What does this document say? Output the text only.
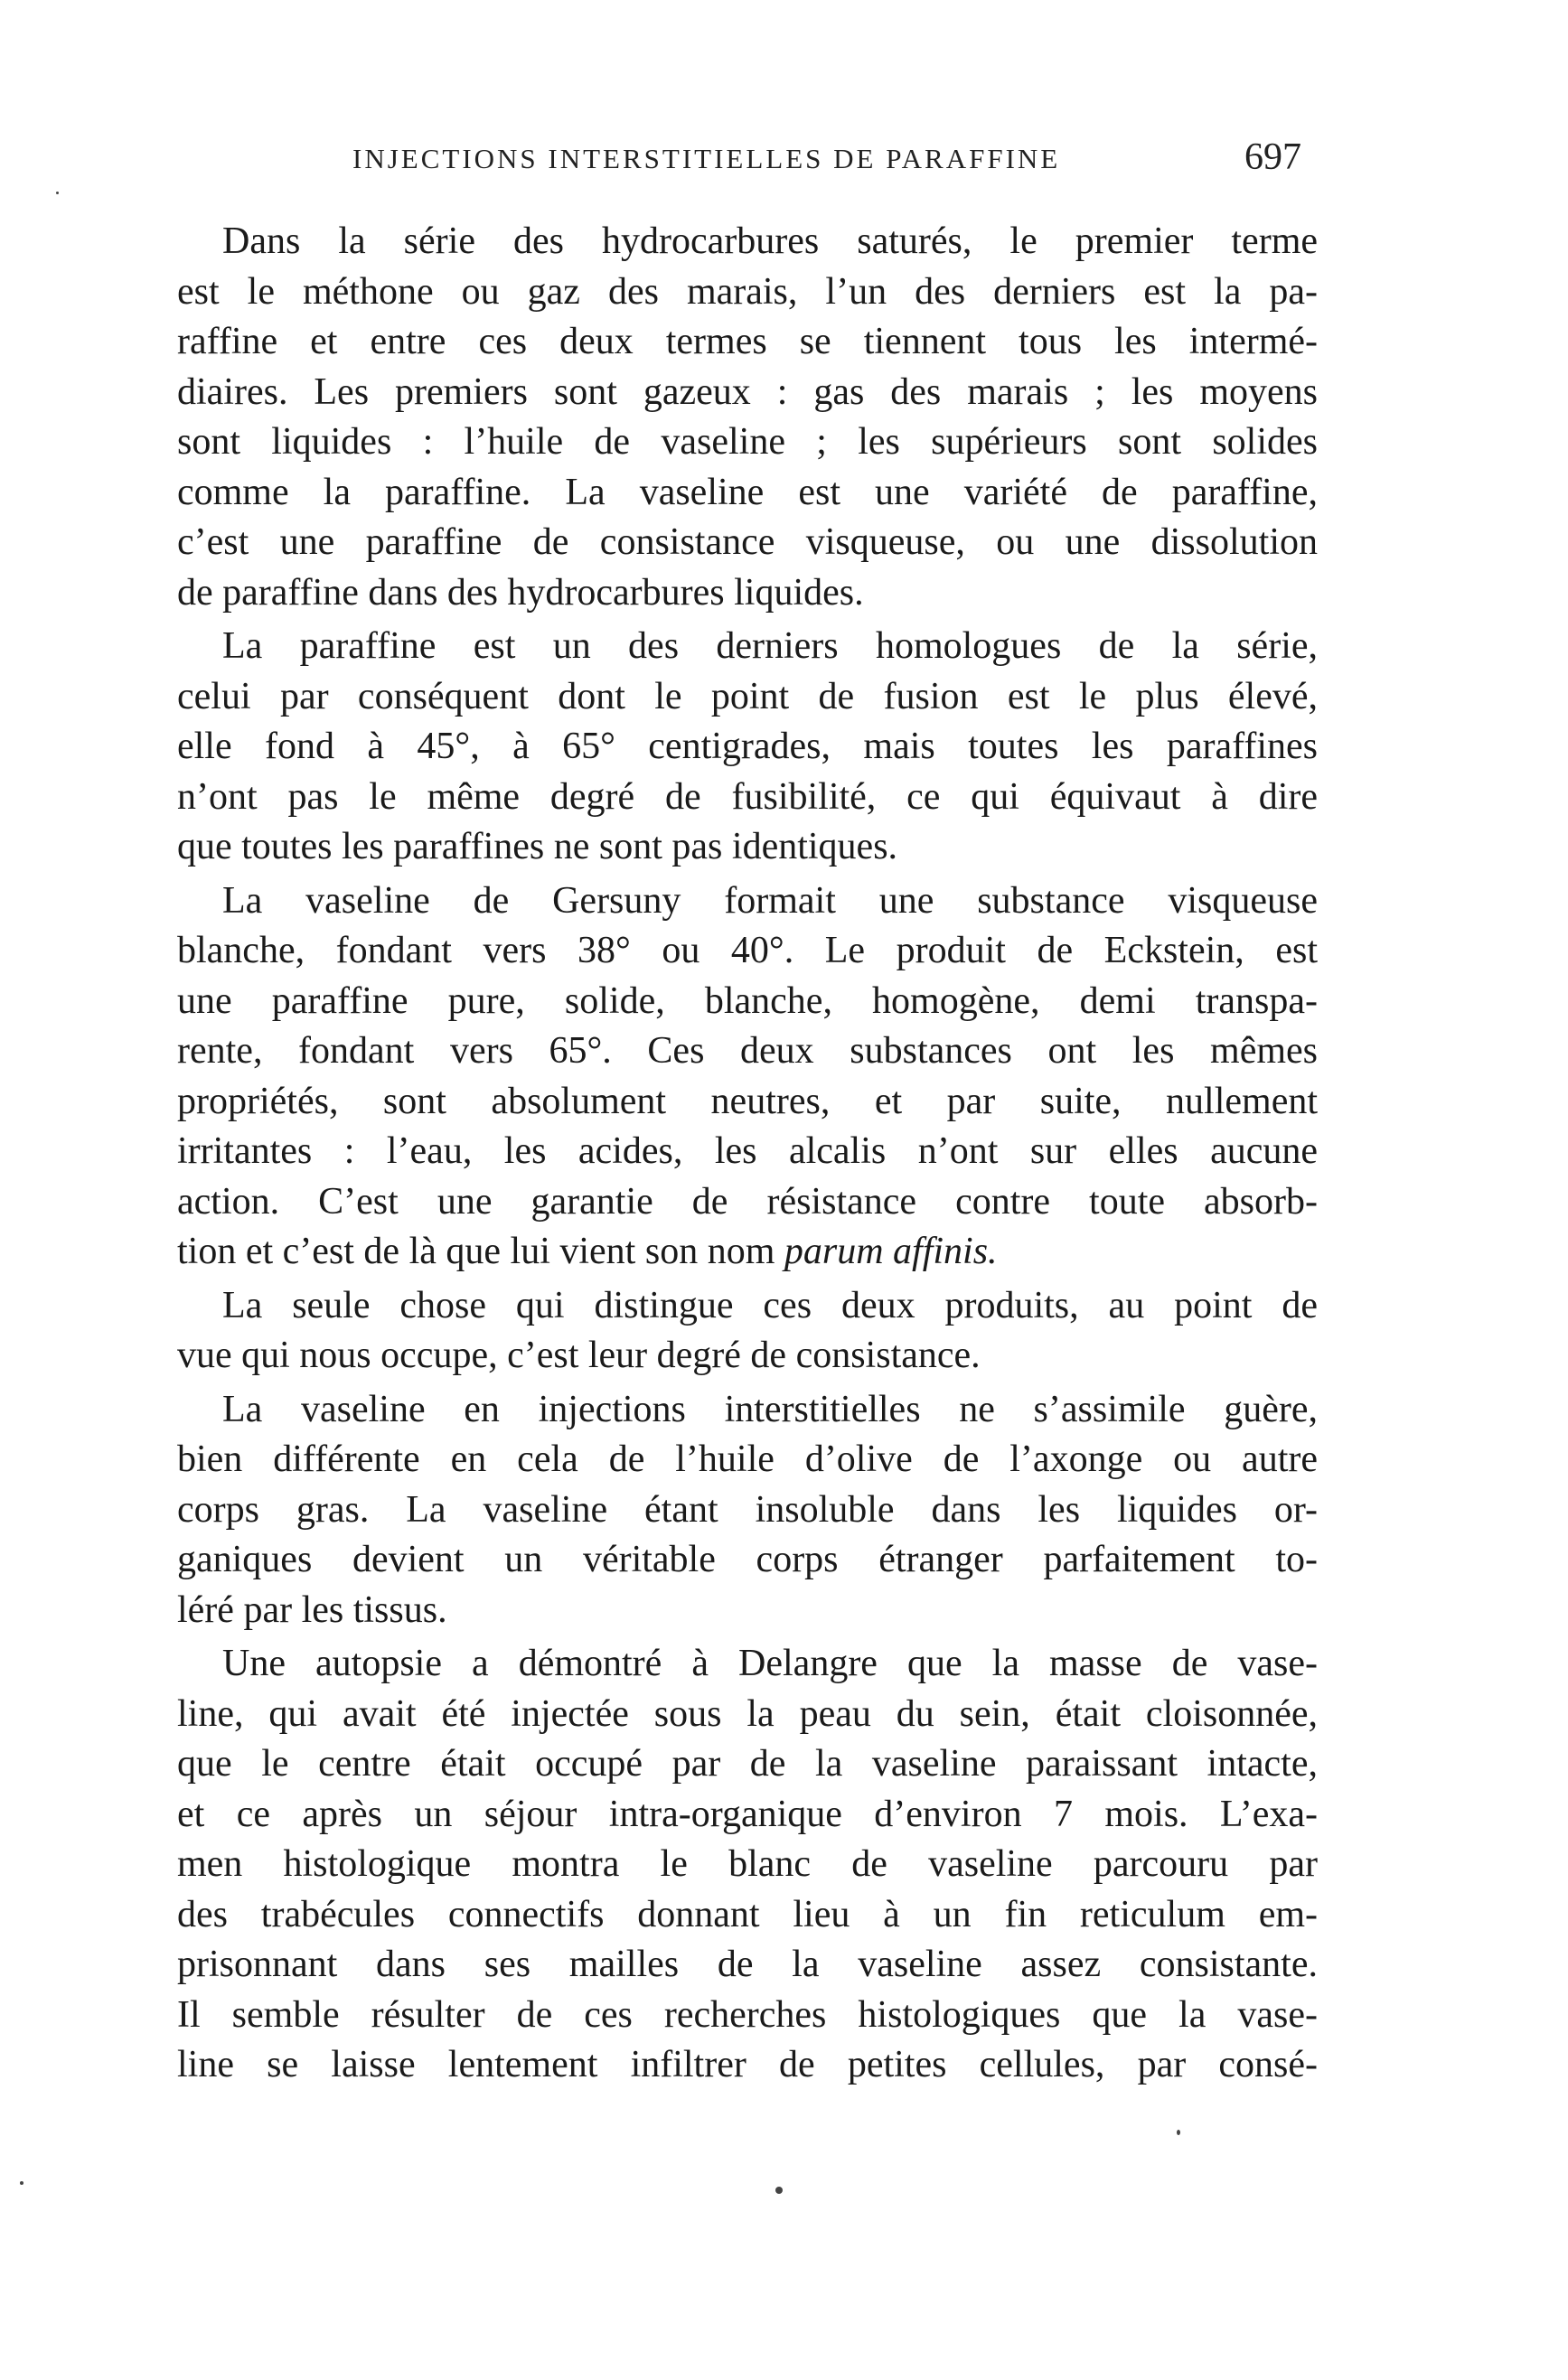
INJECTIONS INTERSTITIELLES DE PARAFFINE	697
Dans la série des hydrocarbures saturés, le premier terme
est le méthone ou gaz des marais, l’un des derniers est la pa-
raffine et entre ces deux termes se tiennent tous les intermé-
diaires. Les premiers sont gazeux : gas des marais ; les moyens
sont liquides : l’huile de vaseline ; les supérieurs sont solides
comme la paraffine. La vaseline est une variété de paraffine,
c’est une paraffine de consistance visqueuse, ou une dissolution
de paraffine dans des hydrocarbures liquides.
La paraffine est un des derniers homologues de la série,
celui par conséquent dont le point de fusion est le plus élevé,
elle fond à 45°, à 65° centigrades, mais toutes les paraffines
n’ont pas le même degré de fusibilité, ce qui équivaut à dire
que toutes les paraffines ne sont pas identiques.
La vaseline de Gersuny formait une substance visqueuse
blanche, fondant vers 38° ou 40°. Le produit de Eckstein, est
une paraffine pure, solide, blanche, homogène, demi transpa-
rente, fondant vers 65°. Ces deux substances ont les mêmes
propriétés, sont absolument neutres, et par suite, nullement
irritantes : l’eau, les acides, les alcalis n’ont sur elles aucune
action. C’est une garantie de résistance contre toute absorb-
tion et c’est de là que lui vient son nom parum affinis.
La seule chose qui distingue ces deux produits, au point de
vue qui nous occupe, c’est leur degré de consistance.
La vaseline en injections interstitielles ne s’assimile guère,
bien différente en cela de l’huile d’olive de l’axonge ou autre
corps gras. La vaseline étant insoluble dans les liquides or-
ganiques devient un véritable corps étranger parfaitement to-
léré par les tissus.
Une autopsie a démontré à Delangre que la masse de vase-
line, qui avait été injectée sous la peau du sein, était cloisonnée,
que le centre était occupé par de la vaseline paraissant intacte,
et ce après un séjour intra-organique d’environ 7 mois. L’exa-
men histologique montra le blanc de vaseline parcouru par
des trabécules connectifs donnant lieu à un fin reticulum em-
prisonnant dans ses mailles de la vaseline assez consistante.
Il semble résulter de ces recherches histologiques que la vase-
line se laisse lentement infiltrer de petites cellules, par consé-
